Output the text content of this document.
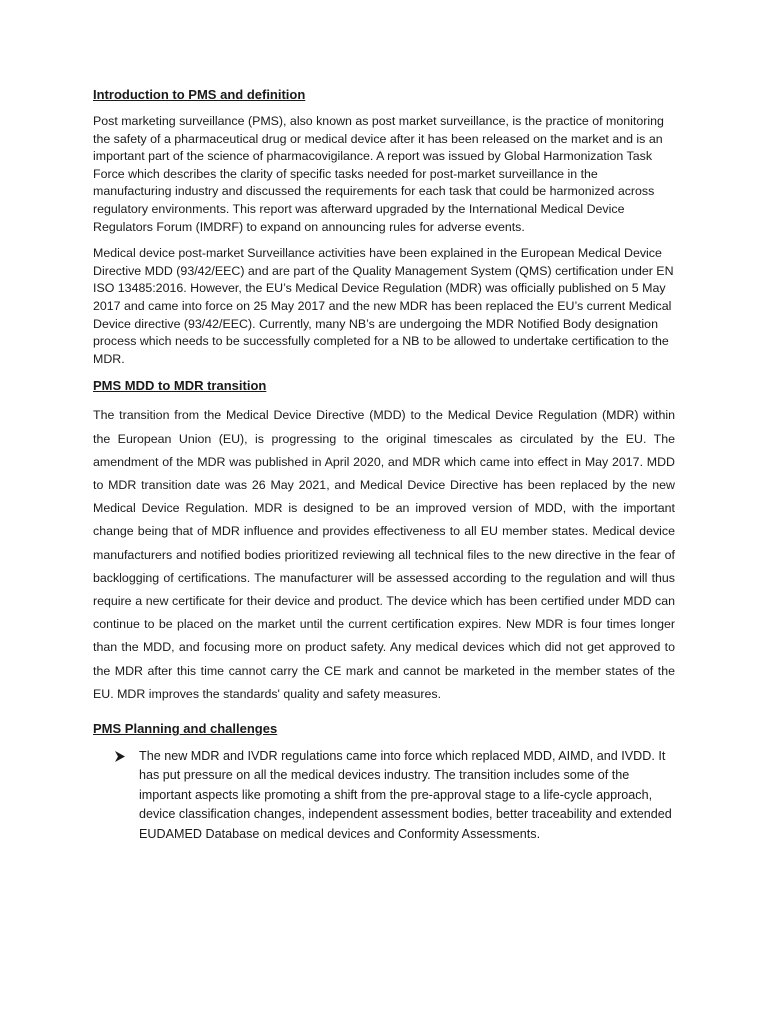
Introduction to PMS and definition

Post marketing surveillance (PMS), also known as post market surveillance, is the practice of monitoring the safety of a pharmaceutical drug or medical device after it has been released on the market and is an important part of the science of pharmacovigilance. A report was issued by Global Harmonization Task Force which describes the clarity of specific tasks needed for post-market surveillance in the manufacturing industry and discussed the requirements for each task that could be harmonized across regulatory environments. This report was afterward upgraded by the International Medical Device Regulators Forum (IMDRF) to expand on announcing rules for adverse events.

Medical device post-market Surveillance activities have been explained in the European Medical Device Directive MDD (93/42/EEC) and are part of the Quality Management System (QMS) certification under EN ISO 13485:2016. However, the EU’s Medical Device Regulation (MDR) was officially published on 5 May 2017 and came into force on 25 May 2017 and the new MDR has been replaced the EU’s current Medical Device directive (93/42/EEC). Currently, many NB’s are undergoing the MDR Notified Body designation process which needs to be successfully completed for a NB to be allowed to undertake certification to the MDR.

PMS MDD to MDR transition

The transition from the Medical Device Directive (MDD) to the Medical Device Regulation (MDR) within the European Union (EU), is progressing to the original timescales as circulated by the EU. The amendment of the MDR was published in April 2020, and MDR which came into effect in May 2017. MDD to MDR transition date was 26 May 2021, and Medical Device Directive has been replaced by the new Medical Device Regulation. MDR is designed to be an improved version of MDD, with the important change being that of MDR influence and provides effectiveness to all EU member states. Medical device manufacturers and notified bodies prioritized reviewing all technical files to the new directive in the fear of backlogging of certifications. The manufacturer will be assessed according to the regulation and will thus require a new certificate for their device and product. The device which has been certified under MDD can continue to be placed on the market until the current certification expires. New MDR is four times longer than the MDD, and focusing more on product safety. Any medical devices which did not get approved to the MDR after this time cannot carry the CE mark and cannot be marketed in the member states of the EU. MDR improves the standards' quality and safety measures.

PMS Planning and challenges
The new MDR and IVDR regulations came into force which replaced MDD, AIMD, and IVDD. It has put pressure on all the medical devices industry. The transition includes some of the important aspects like promoting a shift from the pre-approval stage to a life-cycle approach, device classification changes, independent assessment bodies, better traceability and extended EUDAMED Database on medical devices and Conformity Assessments.
